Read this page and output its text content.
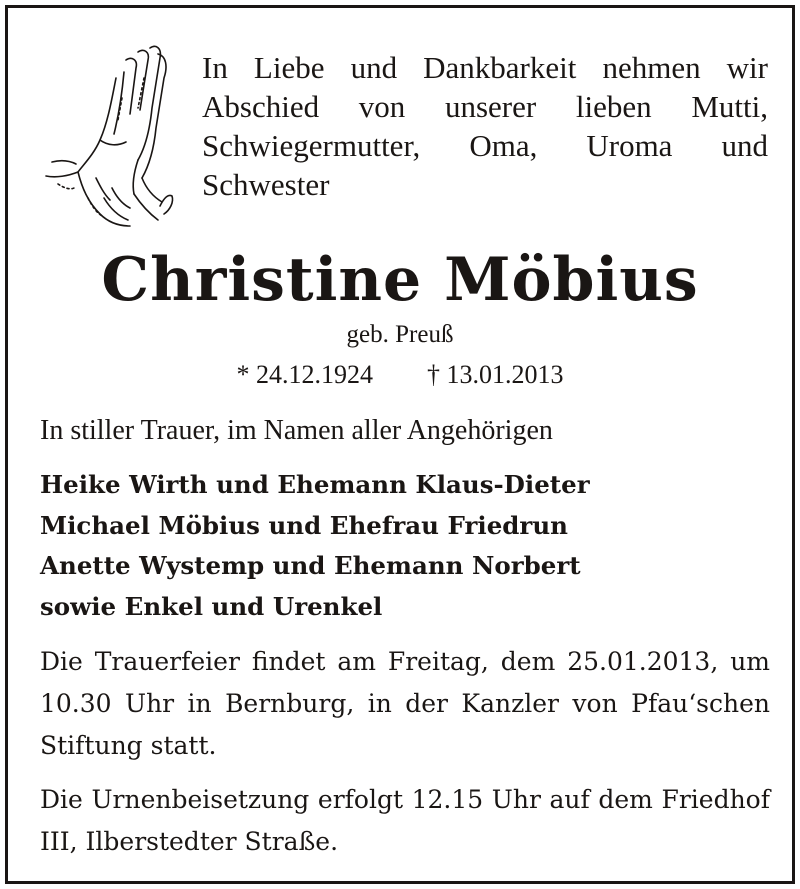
In Liebe und Dankbarkeit nehmen wir Abschied von unserer lieben Mutti, Schwiegermutter, Oma, Uroma und Schwester
Christine Möbius
geb. Preuß
* 24.12.1924 † 13.01.2013
In stiller Trauer, im Namen aller Angehörigen
Heike Wirth und Ehemann Klaus-Dieter
Michael Möbius und Ehefrau Friedrun
Anette Wystemp und Ehemann Norbert
sowie Enkel und Urenkel
Die Trauerfeier findet am Freitag, dem 25.01.2013, um 10.30 Uhr in Bernburg, in der Kanzler von Pfau‘schen Stiftung statt.
Die Urnenbeisetzung erfolgt 12.15 Uhr auf dem Friedhof III, Ilberstedter Straße.
